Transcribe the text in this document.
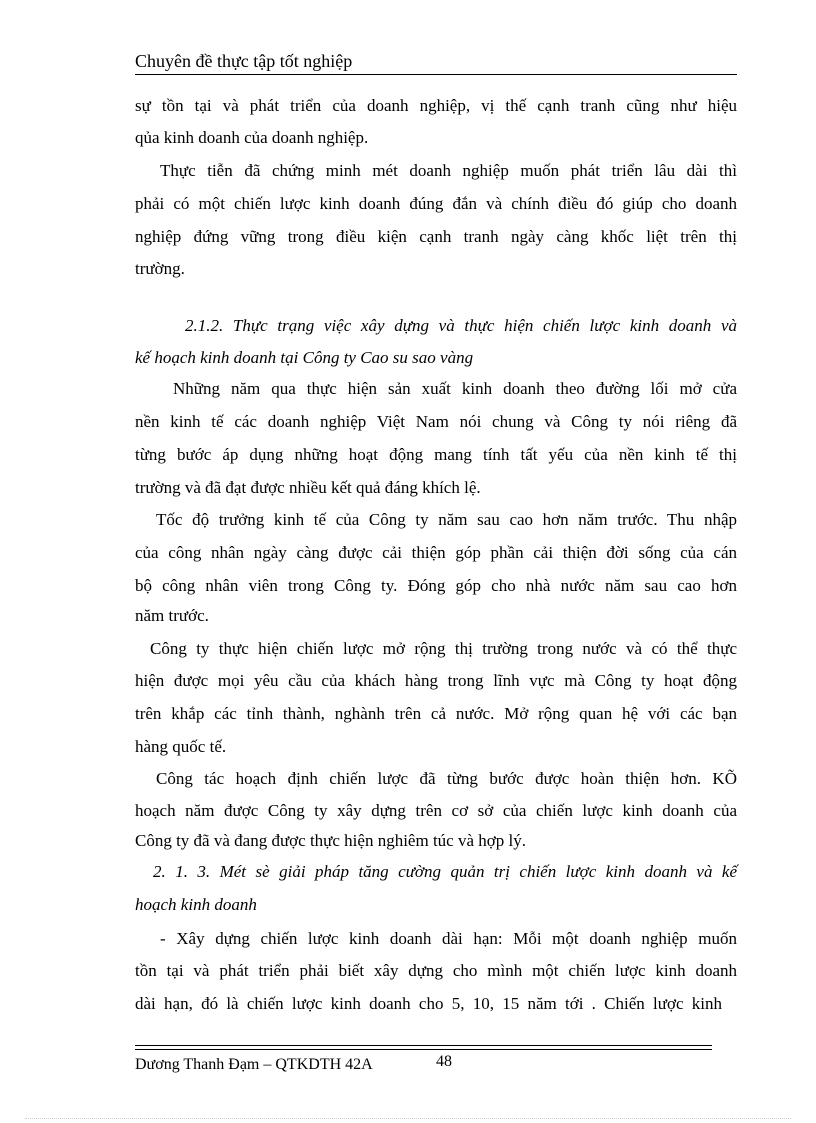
Chuyên đề thực tập tốt nghiệp
sự tồn tại và phát triển của doanh nghiệp, vị thế cạnh tranh cũng như hiệu
qủa kinh doanh của doanh nghiệp.
Thực tiễn đã chứng minh mét doanh nghiệp muốn phát triển lâu dài thì
phải có một chiến lược kinh doanh đúng đắn và chính điều đó giúp cho doanh
nghiệp đứng vững trong điều kiện cạnh tranh ngày càng khốc liệt trên thị
trường.
2.1.2. Thực trạng việc xây dựng và thực hiện chiến lược kinh doanh và
kế hoạch kinh doanh tại Công ty Cao su sao vàng
Những năm qua thực hiện sản xuất kinh doanh theo đường lối mở cửa
nền kinh tế các doanh nghiệp Việt Nam nói chung và Công ty nói riêng đã
từng bước áp dụng những hoạt động mang tính tất yếu của nền kinh tế thị
trường và đã đạt được nhiều kết quả đáng khích lệ.
Tốc độ trưởng kinh tế của Công ty năm sau cao hơn năm trước. Thu nhập
của công nhân ngày càng được cải thiện góp phần cải thiện đời sống của cán
bộ công nhân viên trong Công ty. Đóng góp cho nhà nước năm sau cao hơn
năm trước.
Công ty thực hiện chiến lược mở rộng thị trường trong nước và có thể thực
hiện được mọi yêu cầu của khách hàng trong lĩnh vực mà Công ty hoạt động
trên khắp các tỉnh thành, nghành trên cả nước. Mở rộng quan hệ với các bạn
hàng quốc tế.
Công tác hoạch định chiến lược đã từng bước được hoàn thiện hơn. KÕ
hoạch năm được Công ty xây dựng trên cơ sở của chiến lược kinh doanh của
Công ty đã và đang được thực hiện nghiêm túc và hợp lý.
2. 1. 3. Mét sè giải pháp tăng cường quản trị chiến lược kinh doanh và kế
hoạch kinh doanh
- Xây dựng chiến lược kinh doanh dài hạn: Mỗi một doanh nghiệp muốn
tồn tại và phát triển phải biết xây dựng cho mình một chiến lược kinh doanh
dài hạn, đó là chiến lược kinh doanh cho 5, 10, 15 năm tới . Chiến lược kinh
Dương Thanh Đạm – QTKDTH 42A	48
